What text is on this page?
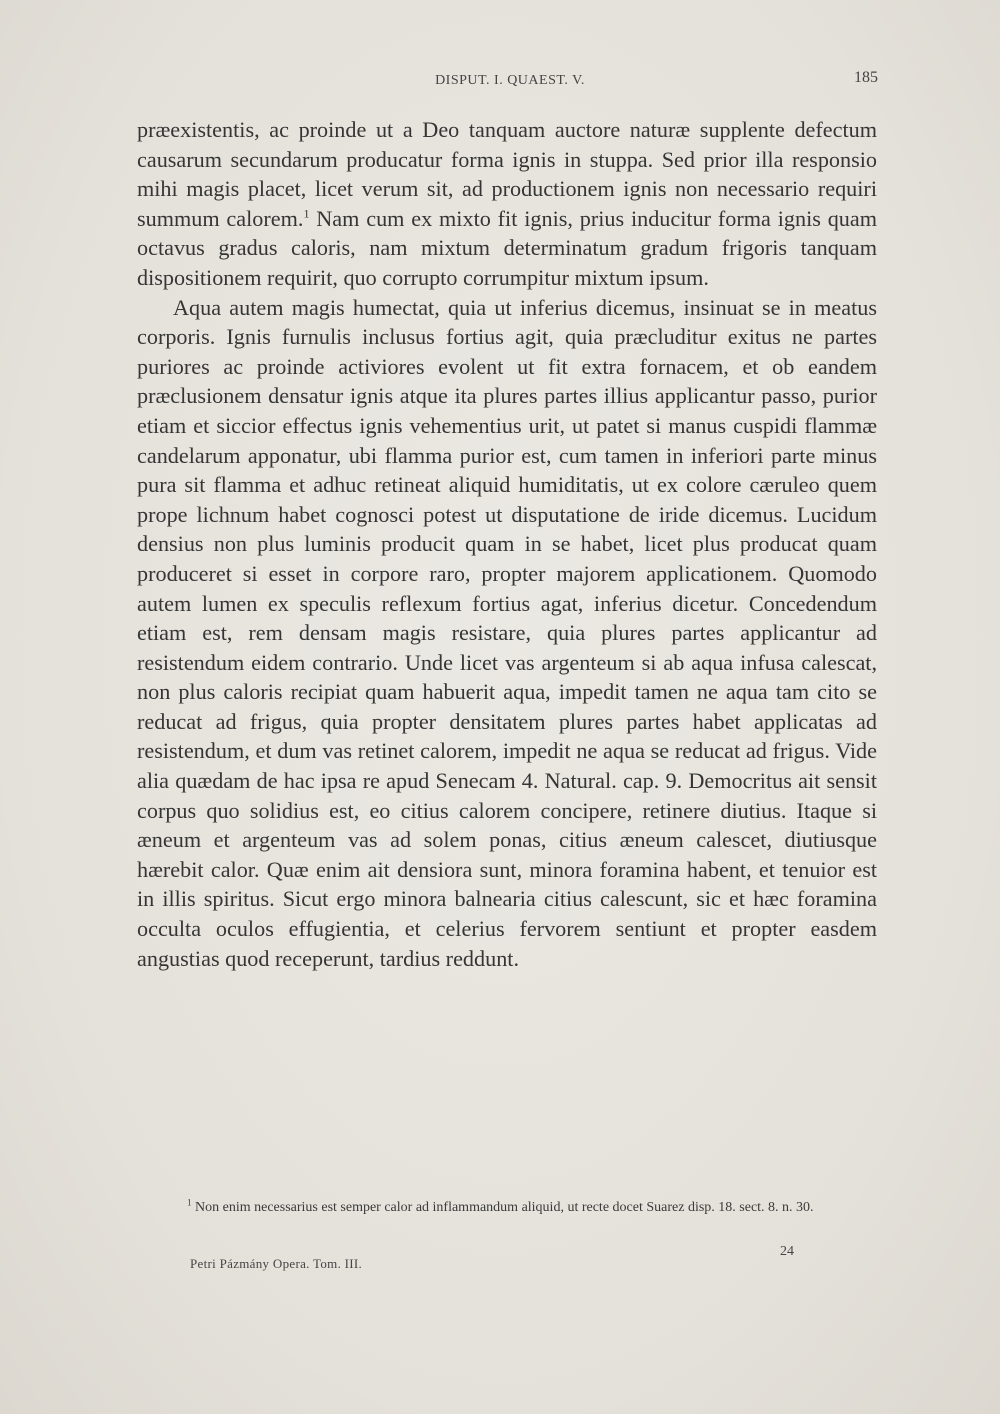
DISPUT. I. QUAEST. V.	185

præexistentis, ac proinde ut a Deo tanquam auctore naturæ supplente defectum causarum secundarum producatur forma ignis in stuppa. Sed prior illa responsio mihi magis placet, licet verum sit, ad productionem ignis non necessario requiri summum calorem.$^1$ Nam cum ex mixto fit ignis, prius inducitur forma ignis quam octavus gradus caloris, nam mixtum determinatum gradum frigoris tanquam dispositionem requirit, quo corrupto corrumpitur mixtum ipsum.

Aqua autem magis humectat, quia ut inferius dicemus, insinuat se in meatus corporis. Ignis furnulis inclusus fortius agit, quia præcluditur exitus ne partes puriores ac proinde activiores evolent ut fit extra fornacem, et ob eandem præclusionem densatur ignis atque ita plures partes illius applicantur passo, purior etiam et siccior effectus ignis vehementius urit, ut patet si manus cuspidi flammæ candelarum apponatur, ubi flamma purior est, cum tamen in inferiori parte minus pura sit flamma et adhuc retineat aliquid humiditatis, ut ex colore cæruleo quem prope lichnum habet cognosci potest ut disputatione de iride dicemus. Lucidum densius non plus luminis producit quam in se habet, licet plus producat quam produceret si esset in corpore raro, propter majorem applicationem. Quomodo autem lumen ex speculis reflexum fortius agat, inferius dicetur. Concedendum etiam est, rem densam magis resistare, quia plures partes applicantur ad resistendum eidem contrario. Unde licet vas argenteum si ab aqua infusa calescat, non plus caloris recipiat quam habuerit aqua, impedit tamen ne aqua tam cito se reducat ad frigus, quia propter densitatem plures partes habet applicatas ad resistendum, et dum vas retinet calorem, impedit ne aqua se reducat ad frigus. Vide alia quædam de hac ipsa re apud Senecam 4. Natural. cap. 9. Democritus ait sensit corpus quo solidius est, eo citius calorem concipere, retinere diutius. Itaque si æneum et argenteum vas ad solem ponas, citius æneum calescet, diutiusque hærebit calor. Quæ enim ait densiora sunt, minora foramina habent, et tenuior est in illis spiritus. Sicut ergo minora balnearia citius calescunt, sic et hæc foramina occulta oculos effugientia, et celerius fervorem sentiunt et propter easdem angustias quod receperunt, tardius reddunt.

$^1$ Non enim necessarius est semper calor ad inflammandum aliquid, ut recte docet Suarez disp. 18. sect. 8. n. 30.
Petri Pázmány Opera. Tom. III.
24
